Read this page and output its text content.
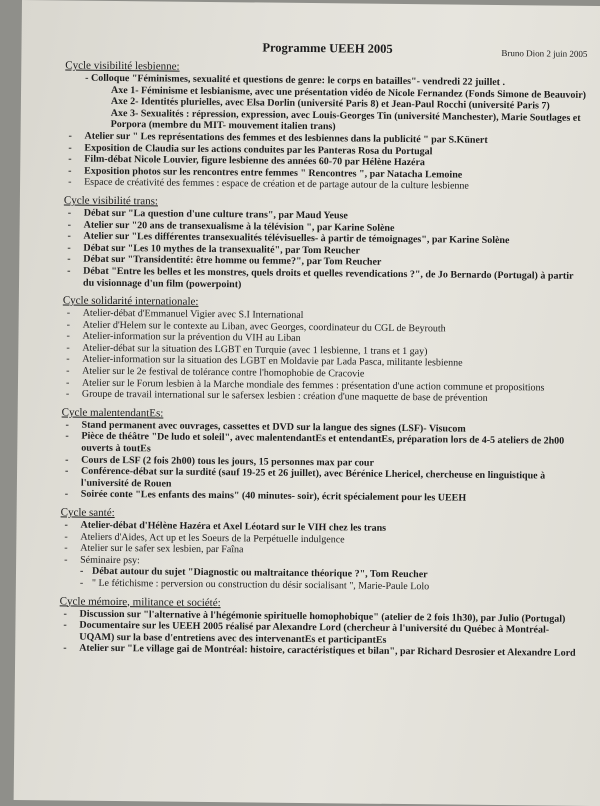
Programme UEEH 2005	Bruno Dion 2 juin 2005
Cycle visibilité lesbienne:
- Colloque "Féminismes, sexualité et questions de genre: le corps en batailles"- vendredi 22 juillet .
Axe 1- Féminisme et lesbianisme, avec une présentation vidéo de Nicole Fernandez (Fonds Simone de Beauvoir)
Axe 2- Identités plurielles, avec Elsa Dorlin (université Paris 8) et Jean-Paul Rocchi (université Paris 7)
Axe 3- Sexualités : répression, expression, avec Louis-Georges Tin (université Manchester), Marie Soutlages et Porpora (membre du MIT- mouvement italien trans)
- Atelier sur " Les représentations des femmes et des lesbiennes dans la publicité " par S.Künert
- Exposition de Claudia sur les actions conduites par les Panteras Rosa du Portugal
- Film-débat Nicole Louvier, figure lesbienne des années 60-70 par Hélène Hazéra
- Exposition photos sur les rencontres entre femmes " Rencontres ", par Natacha Lemoine
- Espace de créativité des femmes : espace de création et de partage autour de la culture lesbienne
Cycle visibilité trans:
- Débat sur "La question d'une culture trans", par Maud Yeuse
- Atelier sur "20 ans de transexualisme à la télévision ", par Karine Solène
- Atelier sur "Les différentes transexualités télévisuelles- à partir de témoignages", par Karine Solène
- Débat sur "Les 10 mythes de la transexualité", par Tom Reucher
- Débat sur "Transidentité: être homme ou femme?", par Tom Reucher
- Débat "Entre les belles et les monstres, quels droits et quelles revendications ?", de Jo Bernardo (Portugal) à partir du visionnage d'un film (powerpoint)
Cycle solidarité internationale:
- Atelier-débat d'Emmanuel Vigier avec S.I International
- Atelier d'Helem sur le contexte au Liban, avec Georges, coordinateur du CGL de Beyrouth
- Atelier-information sur la prévention du VIH au Liban
- Atelier-débat sur la situation des LGBT en Turquie (avec 1 lesbienne, 1 trans et 1 gay)
- Atelier-information sur la situation des LGBT en Moldavie par Lada Pasca, militante lesbienne
- Atelier sur le 2e festival de tolérance contre l'homophobie de Cracovie
- Atelier sur le Forum lesbien à la Marche mondiale des femmes : présentation d'une action commune et propositions
- Groupe de travail international sur le safersex lesbien : création d'une maquette de base de prévention
Cycle malentendantEs:
- Stand permanent avec ouvrages, cassettes et DVD sur la langue des signes (LSF)- Visucom
- Pièce de théâtre "De ludo et soleil", avec malentendantEs et entendantEs, préparation lors de 4-5 ateliers de 2h00 ouverts à toutEs
- Cours de LSF (2 fois 2h00) tous les jours, 15 personnes max par cour
- Conférence-débat sur la surdité (sauf 19-25 et 26 juillet), avec Bérénice Lhericel, chercheuse en linguistique à l'université de Rouen
- Soirée conte "Les enfants des mains" (40 minutes- soir), écrit spécialement pour les UEEH
Cycle santé:
- Atelier-débat d'Hélène Hazéra et Axel Léotard sur le VIH chez les trans
- Ateliers d'Aides, Act up et les Soeurs de la Perpétuelle indulgence
- Atelier sur le safer sex lesbien, par Faîna
- Séminaire psy:
- Débat autour du sujet "Diagnostic ou maltraitance théorique ?", Tom Reucher
- " Le fétichisme : perversion ou construction du désir socialisant ", Marie-Paule Lolo
Cycle mémoire, militance et société:
- Discussion sur "l'alternative à l'hégémonie spirituelle homophobique" (atelier de 2 fois 1h30), par Julio (Portugal)
- Documentaire sur les UEEH 2005 réalisé par Alexandre Lord (chercheur à l'université du Québec à Montréal- UQAM) sur la base d'entretiens avec des intervenantEs et participantEs
- Atelier sur "Le village gai de Montréal: histoire, caractéristiques et bilan", par Richard Desrosier et Alexandre Lord
